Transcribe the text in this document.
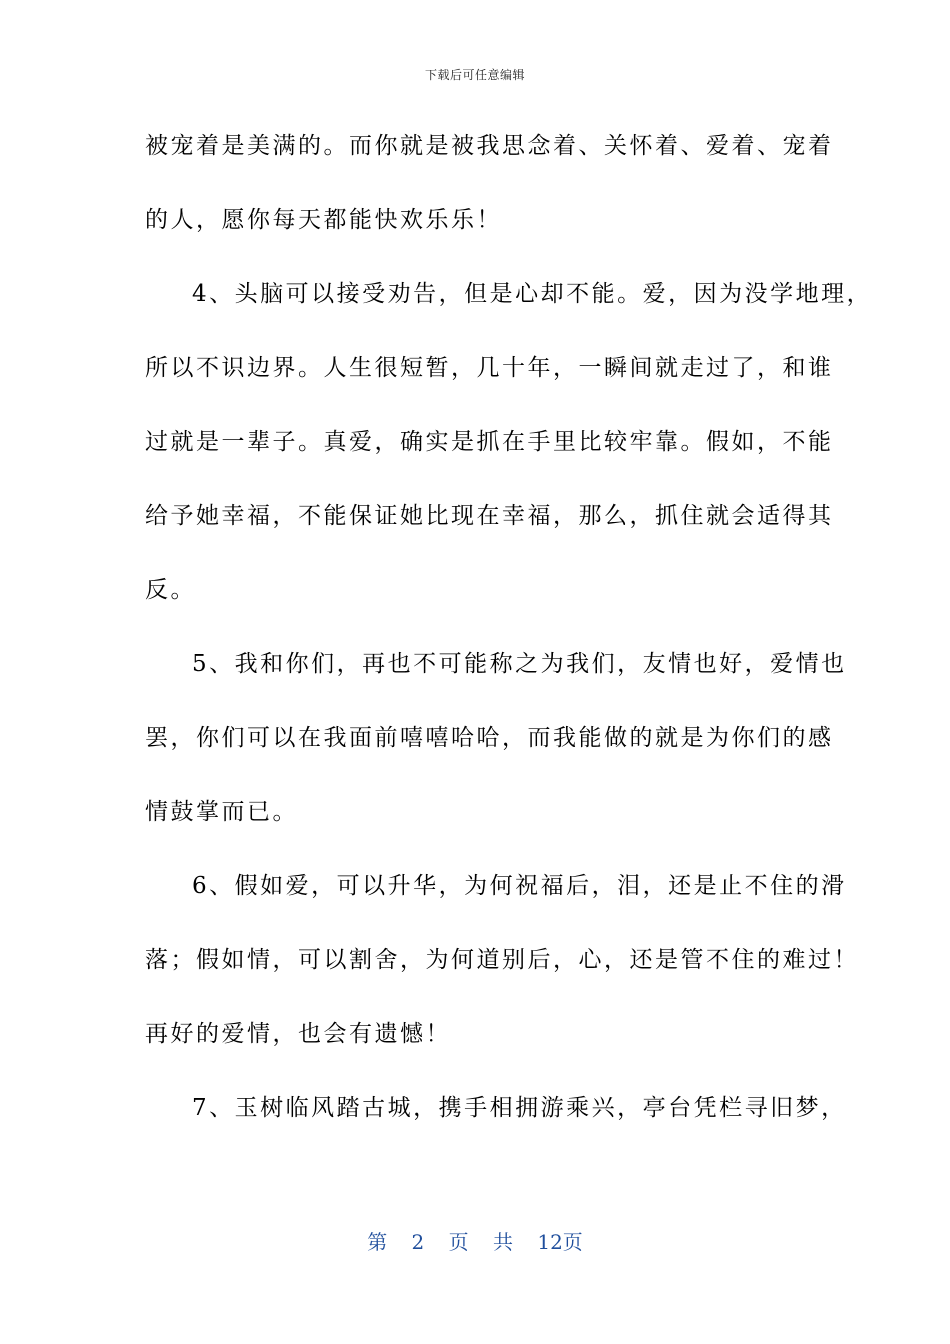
下载后可任意编辑
被宠着是美满的。而你就是被我思念着、关怀着、爱着、宠着
的人，愿你每天都能快欢乐乐！
4、头脑可以接受劝告，但是心却不能。爱，因为没学地理，
所以不识边界。人生很短暂，几十年，一瞬间就走过了，和谁
过就是一辈子。真爱，确实是抓在手里比较牢靠。假如，不能
给予她幸福，不能保证她比现在幸福，那么，抓住就会适得其
反。
5、我和你们，再也不可能称之为我们，友情也好，爱情也
罢，你们可以在我面前嘻嘻哈哈，而我能做的就是为你们的感
情鼓掌而已。
6、假如爱，可以升华，为何祝福后，泪，还是止不住的滑
落；假如情，可以割舍，为何道别后，心，还是管不住的难过！
再好的爱情，也会有遗憾！
7、玉树临风踏古城，携手相拥游乘兴，亭台凭栏寻旧梦，
第 2 页 共 12页
